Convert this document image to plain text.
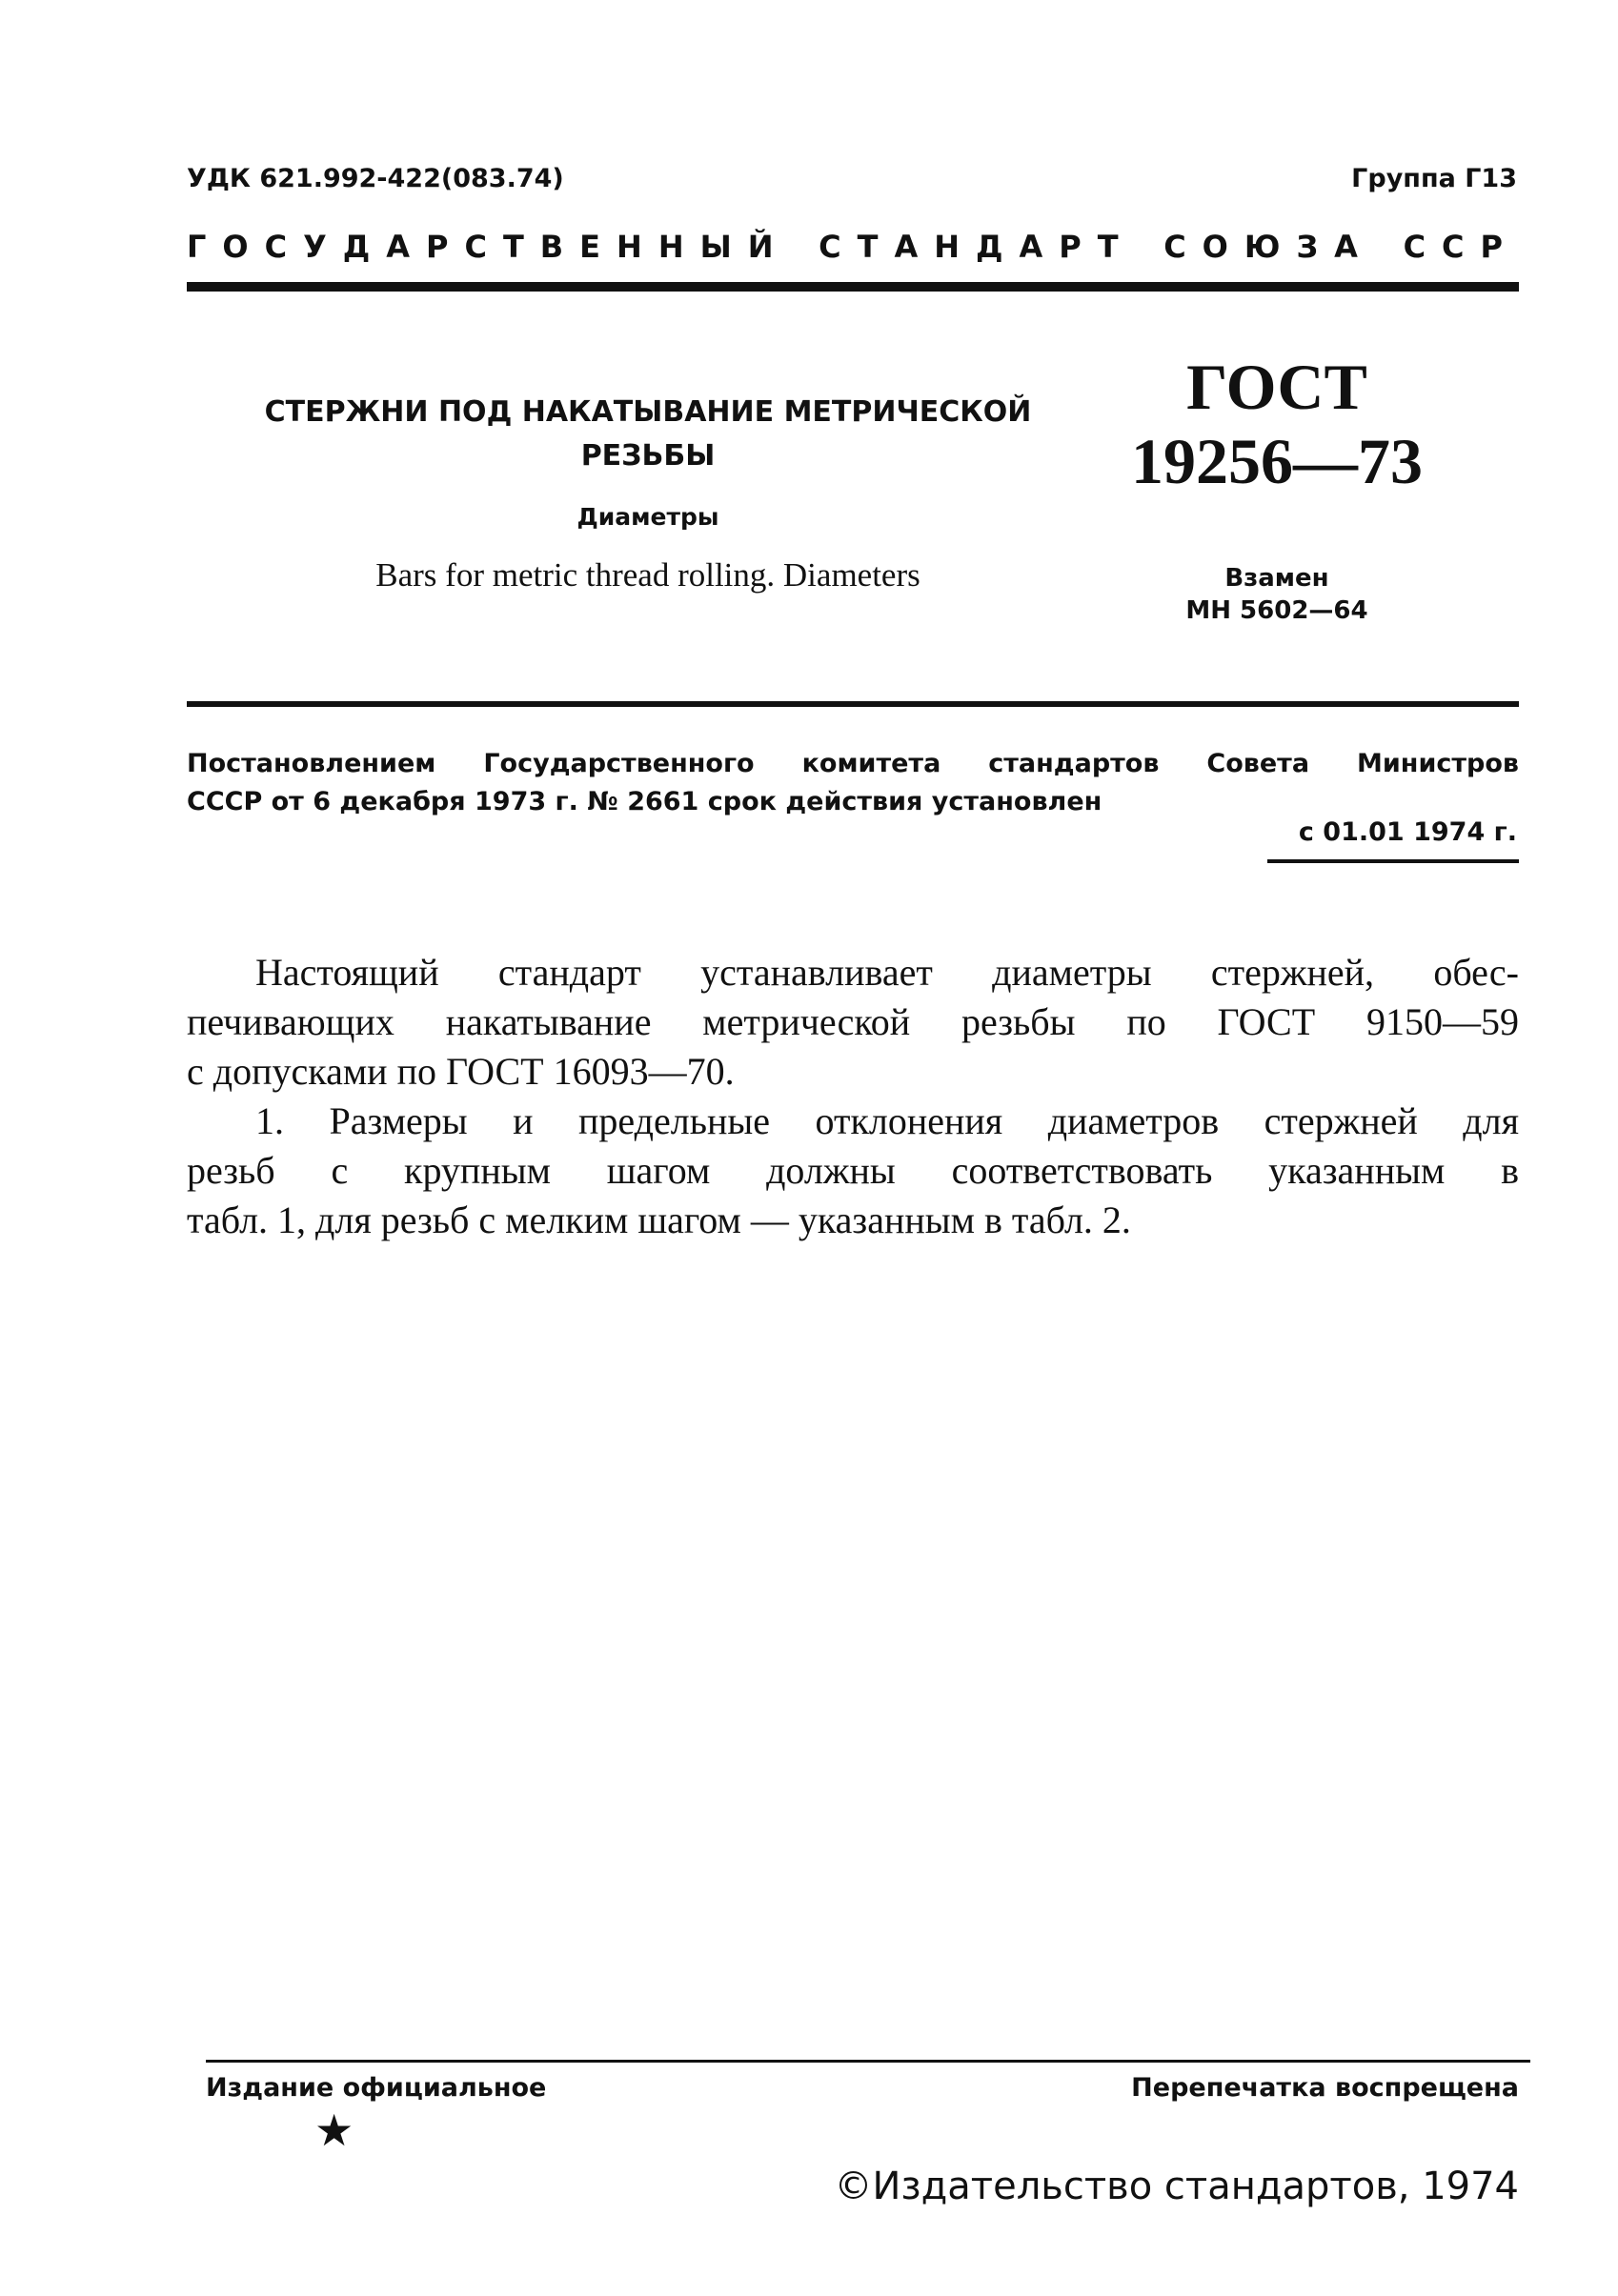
УДК 621.992-422(083.74)	Группа Г13
ГОСУДАРСТВЕННЫЙ СТАНДАРТ СОЮЗА ССР
СТЕРЖНИ ПОД НАКАТЫВАНИЕ МЕТРИЧЕСКОЙ
РЕЗЬБЫ
Диаметры
Bars for metric thread rolling. Diameters
ГОСТ
19256—73
Взамен
МН 5602—64
Постановлением Государственного комитета стандартов Совета Министров
СССР от 6 декабря 1973 г. № 2661 срок действия установлен
с 01.01 1974 г.
Настоящий стандарт устанавливает диаметры стержней, обес-
печивающих накатывание метрической резьбы по ГОСТ 9150—59
с допусками по ГОСТ 16093—70.
1. Размеры и предельные отклонения диаметров стержней для
резьб с крупным шагом должны соответствовать указанным в
табл. 1, для резьб с мелким шагом — указанным в табл. 2.
Издание официальное	Перепечатка воспрещена
★
©Издательство стандартов, 1974
